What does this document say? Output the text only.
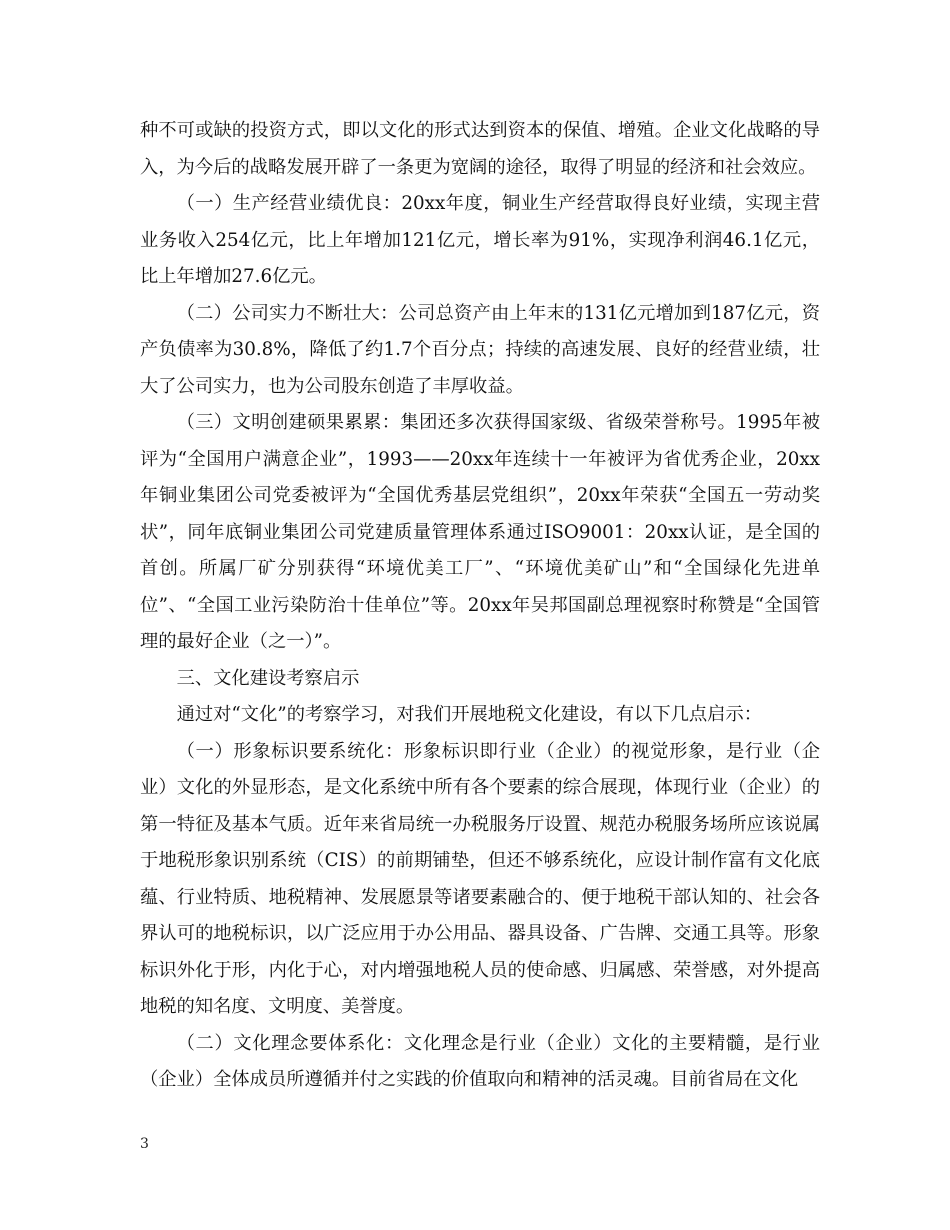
种不可或缺的投资方式，即以文化的形式达到资本的保值、增殖。企业文化战略的导入，为今后的战略发展开辟了一条更为宽阔的途径，取得了明显的经济和社会效应。

（一）生产经营业绩优良：20xx年度，铜业生产经营取得良好业绩，实现主营业务收入254亿元，比上年增加121亿元，增长率为91%，实现净利润46.1亿元，比上年增加27.6亿元。

（二）公司实力不断壮大：公司总资产由上年末的131亿元增加到187亿元，资产负债率为30.8%，降低了约1.7个百分点；持续的高速发展、良好的经营业绩，壮大了公司实力，也为公司股东创造了丰厚收益。

（三）文明创建硕果累累：集团还多次获得国家级、省级荣誉称号。1995年被评为“全国用户满意企业”，1993——20xx年连续十一年被评为省优秀企业，20xx年铜业集团公司党委被评为“全国优秀基层党组织”，20xx年荣获“全国五一劳动奖状”，同年底铜业集团公司党建质量管理体系通过ISO9001：20xx认证，是全国的首创。所属厂矿分别获得“环境优美工厂”、“环境优美矿山”和“全国绿化先进单位”、“全国工业污染防治十佳单位”等。20xx年吴邦国副总理视察时称赞是“全国管理的最好企业（之一）”。

三、文化建设考察启示

通过对“文化”的考察学习，对我们开展地税文化建设，有以下几点启示：

（一）形象标识要系统化：形象标识即行业（企业）的视觉形象，是行业（企业）文化的外显形态，是文化系统中所有各个要素的综合展现，体现行业（企业）的第一特征及基本气质。近年来省局统一办税服务厅设置、规范办税服务场所应该说属于地税形象识别系统（CIS）的前期铺垫，但还不够系统化，应设计制作富有文化底蕴、行业特质、地税精神、发展愿景等诸要素融合的、便于地税干部认知的、社会各界认可的地税标识，以广泛应用于办公用品、器具设备、广告牌、交通工具等。形象标识外化于形，内化于心，对内增强地税人员的使命感、归属感、荣誉感，对外提高地税的知名度、文明度、美誉度。

（二）文化理念要体系化：文化理念是行业（企业）文化的主要精髓，是行业（企业）全体成员所遵循并付之实践的价值取向和精神的活灵魂。目前省局在文化

3
